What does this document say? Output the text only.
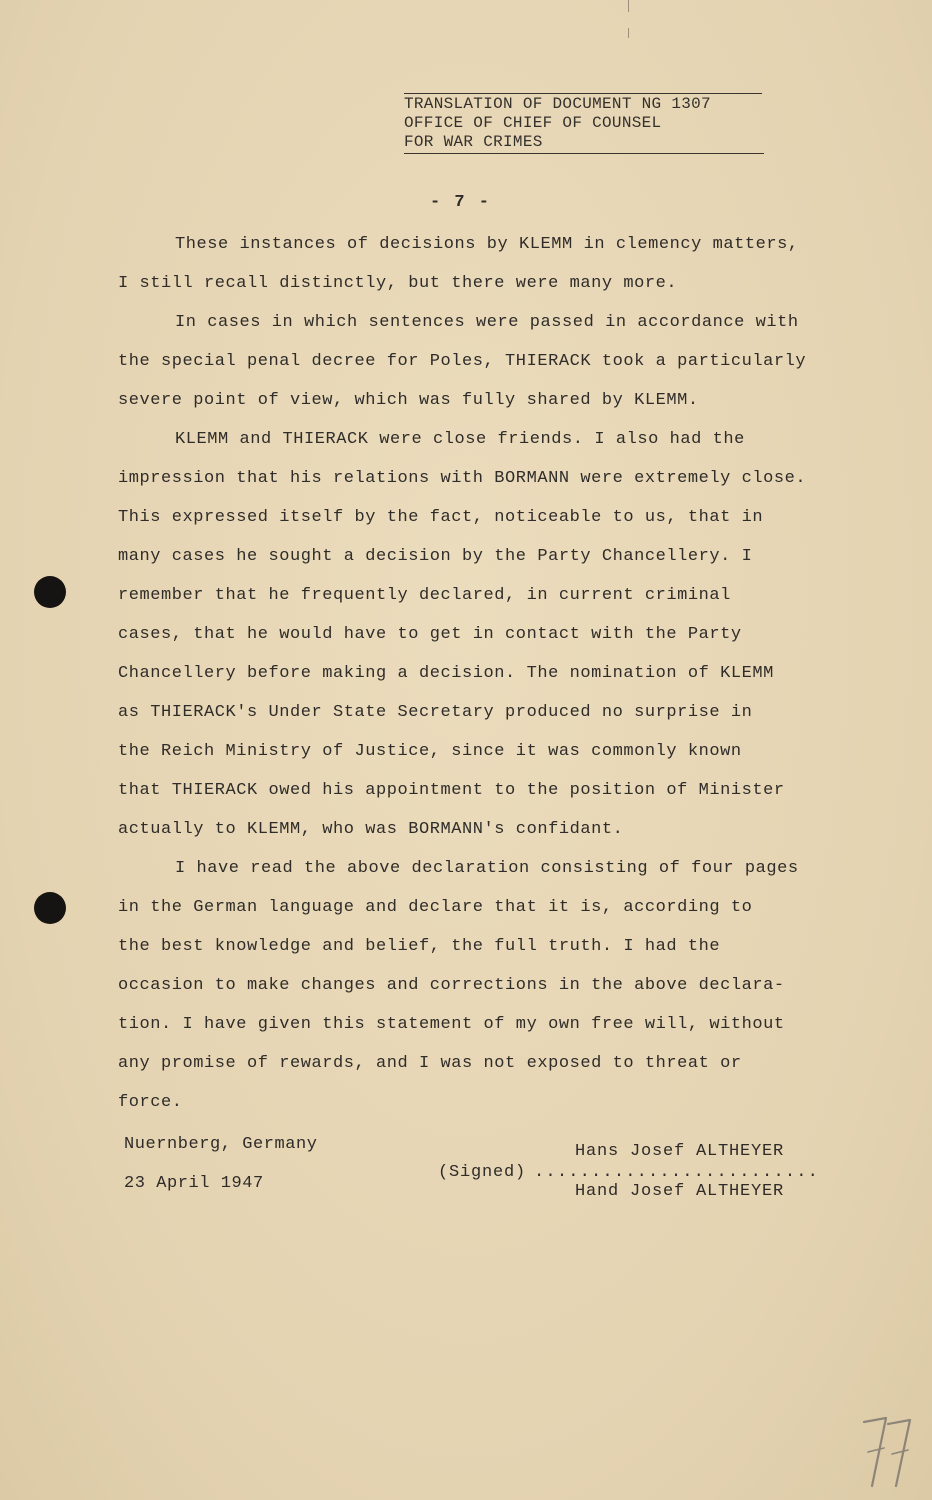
TRANSLATION OF DOCUMENT NG 1307
OFFICE OF CHIEF OF COUNSEL
FOR WAR CRIMES
- 7 -
These instances of decisions by KLEMM in clemency matters,
I still recall distinctly, but there were many more.
In cases in which sentences were passed in accordance with
the special penal decree for Poles, THIERACK took a particularly
severe point of view, which was fully shared by KLEMM.
KLEMM and THIERACK were close friends. I also had the
impression that his relations with BORMANN were extremely close.
This expressed itself by the fact, noticeable to us, that in
many cases he sought a decision by the Party Chancellery. I
remember that he frequently declared, in current criminal
cases, that he would have to get in contact with the Party
Chancellery before making a decision. The nomination of KLEMM
as THIERACK's Under State Secretary produced no surprise in
the Reich Ministry of Justice, since it was commonly known
that THIERACK owed his appointment to the position of Minister
actually to KLEMM, who was BORMANN's confidant.
I have read the above declaration consisting of four pages
in the German language and declare that it is, according to
the best knowledge and belief, the full truth. I had the
occasion to make changes and corrections in the above declara-
tion. I have given this statement of my own free will, without
any promise of rewards, and I was not exposed to threat or
force.
Nuernberg, Germany
23 April 1947
Hans Josef ALTHEYER
(Signed) .........................
Hand Josef ALTHEYER
